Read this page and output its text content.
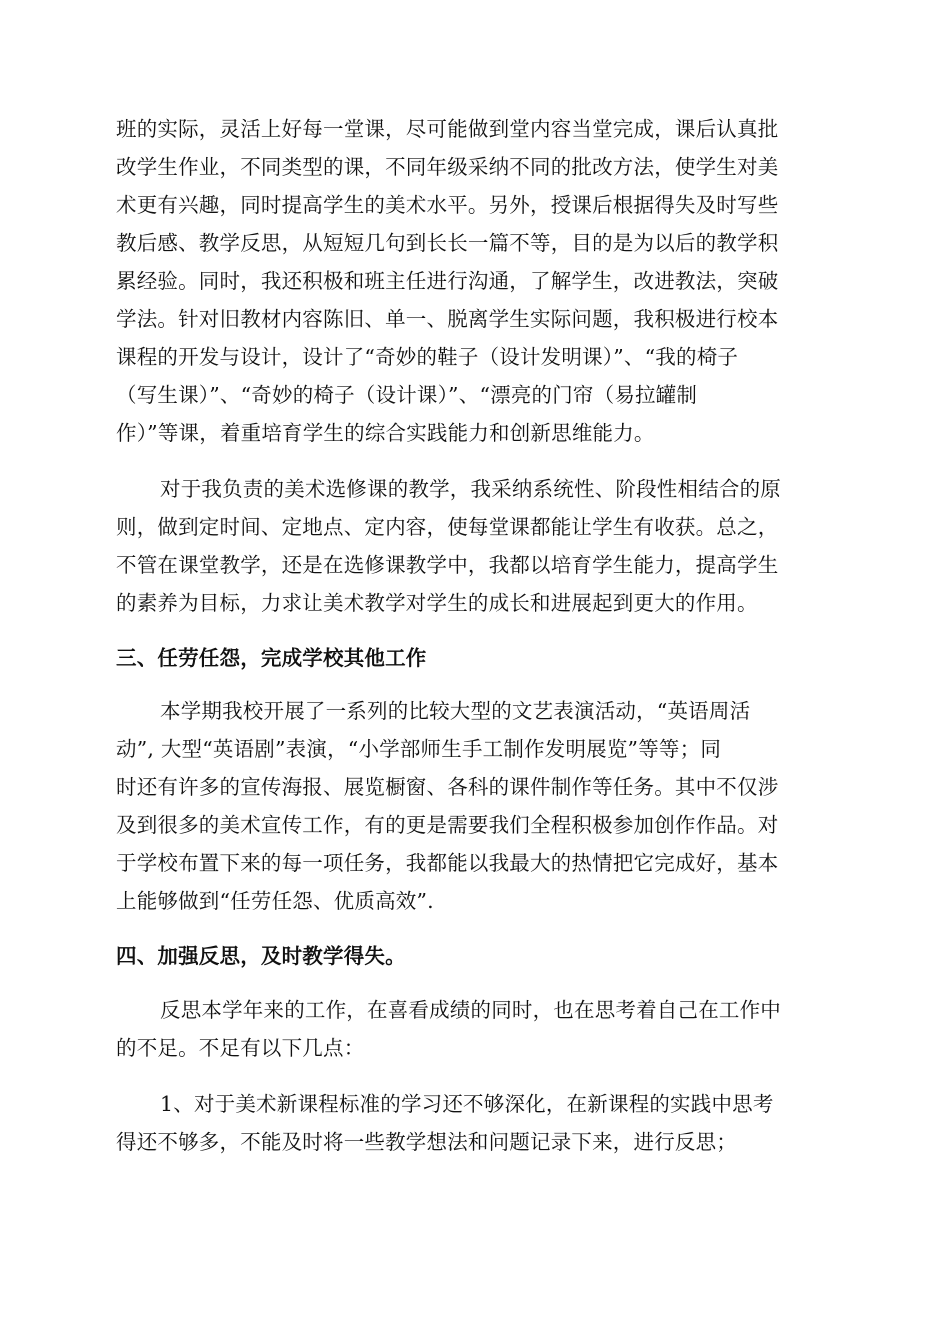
班的实际，灵活上好每一堂课，尽可能做到堂内容当堂完成，课后认真批
改学生作业，不同类型的课，不同年级采纳不同的批改方法，使学生对美
术更有兴趣，同时提高学生的美术水平。另外，授课后根据得失及时写些
教后感、教学反思，从短短几句到长长一篇不等，目的是为以后的教学积
累经验。同时，我还积极和班主任进行沟通，了解学生，改进教法，突破
学法。针对旧教材内容陈旧、单一、脱离学生实际问题，我积极进行校本
课程的开发与设计，设计了“奇妙的鞋子（设计发明课）”、“我的椅子
（写生课）”、“奇妙的椅子（设计课）”、“漂亮的门帘（易拉罐制
作）”等课，着重培育学生的综合实践能力和创新思维能力。
对于我负责的美术选修课的教学，我采纳系统性、阶段性相结合的原
则，做到定时间、定地点、定内容，使每堂课都能让学生有收获。总之，
不管在课堂教学，还是在选修课教学中，我都以培育学生能力，提高学生
的素养为目标，力求让美术教学对学生的成长和进展起到更大的作用。
三、任劳任怨，完成学校其他工作
本学期我校开展了一系列的比较大型的文艺表演活动，“英语周活
动”, 大型“英语剧”表演，“小学部师生手工制作发明展览”等等；同
时还有许多的宣传海报、展览橱窗、各科的课件制作等任务。其中不仅涉
及到很多的美术宣传工作，有的更是需要我们全程积极参加创作作品。对
于学校布置下来的每一项任务，我都能以我最大的热情把它完成好，基本
上能够做到“任劳任怨、优质高效”.
四、加强反思，及时教学得失。
反思本学年来的工作，在喜看成绩的同时，也在思考着自己在工作中
的不足。不足有以下几点：
1、对于美术新课程标准的学习还不够深化，在新课程的实践中思考
得还不够多，不能及时将一些教学想法和问题记录下来，进行反思；
